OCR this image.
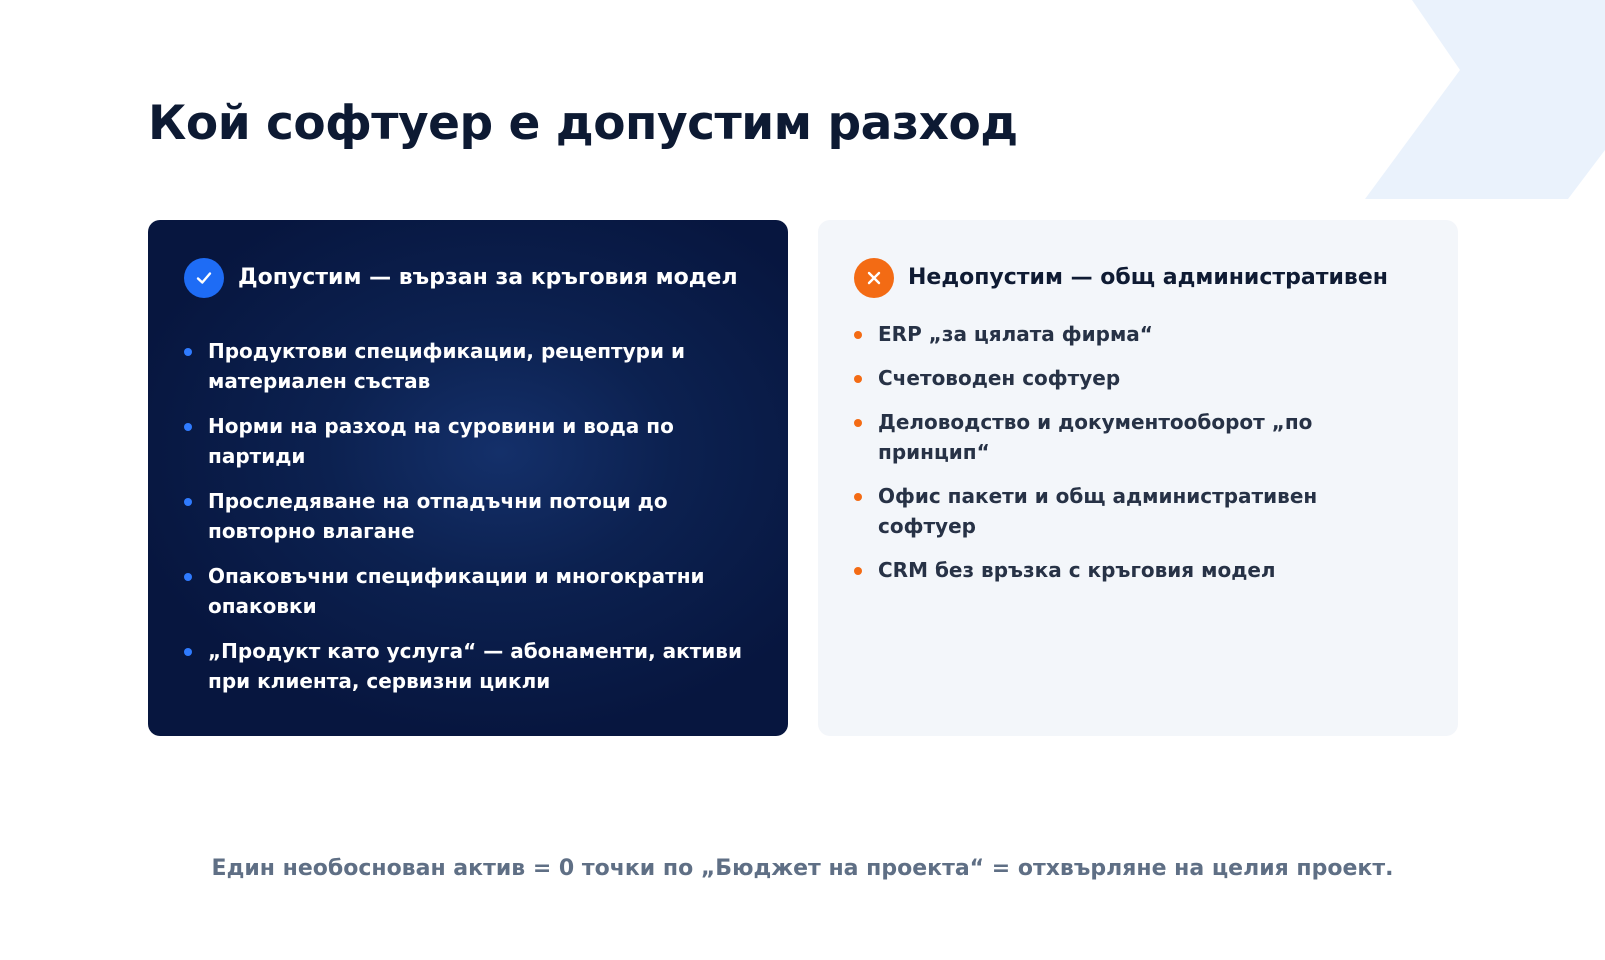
Кой софтуер е допустим разход
Допустим — вързан за кръговия модел
Продуктови спецификации, рецептури и материален състав
Норми на разход на суровини и вода по партиди
Проследяване на отпадъчни потоци до повторно влагане
Опаковъчни спецификации и многократни опаковки
„Продукт като услуга“ — абонаменти, активи при клиента, сервизни цикли
Недопустим — общ административен
ERP „за цялата фирма“
Счетоводен софтуер
Деловодство и документооборот „по принцип“
Офис пакети и общ административен софтуер
CRM без връзка с кръговия модел

Един необоснован актив = 0 точки по „Бюджет на проекта“ = отхвърляне на целия проект.
